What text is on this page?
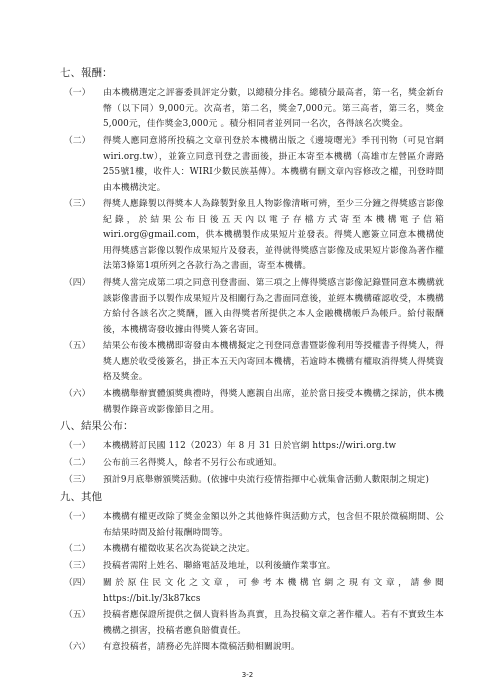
七、報酬：
（一） 由本機構選定之評審委員評定分數，以總積分排名。總積分最高者，第一名，獎金新台幣（以下同）9,000元。次高者，第二名，獎金7,000元。第三高者，第三名，獎金5,000元，佳作獎金3,000元 。積分相同者並列同一名次，各得該名次獎金。
（二） 得獎人應同意將所投稿之文章刊登於本機構出版之《邊境曙光》季刊刊物（可見官網wiri.org.tw），並簽立同意刊登之書面後，掛正本寄至本機構（高雄市左營區介壽路255號1樓，收件人：WIRI少數民族基傳）。本機構有刪文章內容修改之權，刊登時間由本機構決定。
（三） 得獎人應錄製以得獎本人為錄製對象且人物影像清晰可辨，至少三分鐘之得獎感言影像紀錄，於結果公布日後五天內以電子存檔方式寄至本機構電子信箱wiri.org@gmail.com，供本機構製作成果短片並發表。得獎人應簽立同意本機構使用得獎感言影像以製作成果短片及發表，並得就得獎感言影像及成果短片影像為著作權法第3條第1項所列之各款行為之書面，寄至本機構。
（四） 得獎人當完成第二項之同意刊登書面、第三項之上傳得獎感言影像記錄暨同意本機構就該影像書面予以製作成果短片及相關行為之書面同意後，並經本機構確認收受，本機構方給付各該名次之獎酬，匯入由得獎者所提供之本人金融機構帳戶為帳戶。給付報酬後，本機構寄發收據由得獎人簽名寄回。
（五） 結果公布後本機構即寄發由本機構擬定之刊登同意書暨影像利用等授權書予得獎人，得獎人應於收受後簽名，掛正本五天內寄回本機構，若逾時本機構有權取消得獎人得獎資格及獎金。
（六） 本機構舉辦實體頒獎典禮時，得獎人應親自出席，並於當日接受本機構之採訪，供本機構製作錄音或影像節目之用。
八、結果公布：
（一） 本機構將訂民國 112（2023）年 8 月 31 日於官網 https://wiri.org.tw
（二） 公布前三名得獎人，餘者不另行公布或通知。
（三） 預計9月底舉辦頒獎活動。(依據中央流行疫情指揮中心就集會活動人數限制之規定)
九、其他
（一） 本機構有權更改除了獎金金額以外之其他條件與活動方式，包含但不限於徵稿期間、公布結果時間及給付報酬時間等。
（二） 本機構有權徵收某名次為從缺之決定。
（三） 投稿者需附上姓名、聯絡電話及地址，以利後續作業事宜。
（四） 關於原住民文化之文章，可參考本機構官網之現有文章，請參閱https://bit.ly/3k87kcs
（五） 投稿者應保證所提供之個人資料皆為真實，且為投稿文章之著作權人。若有不實致生本機構之損害，投稿者應負賠償責任。
（六） 有意投稿者，請務必先詳閱本徵稿活動相關說明。
3-2
